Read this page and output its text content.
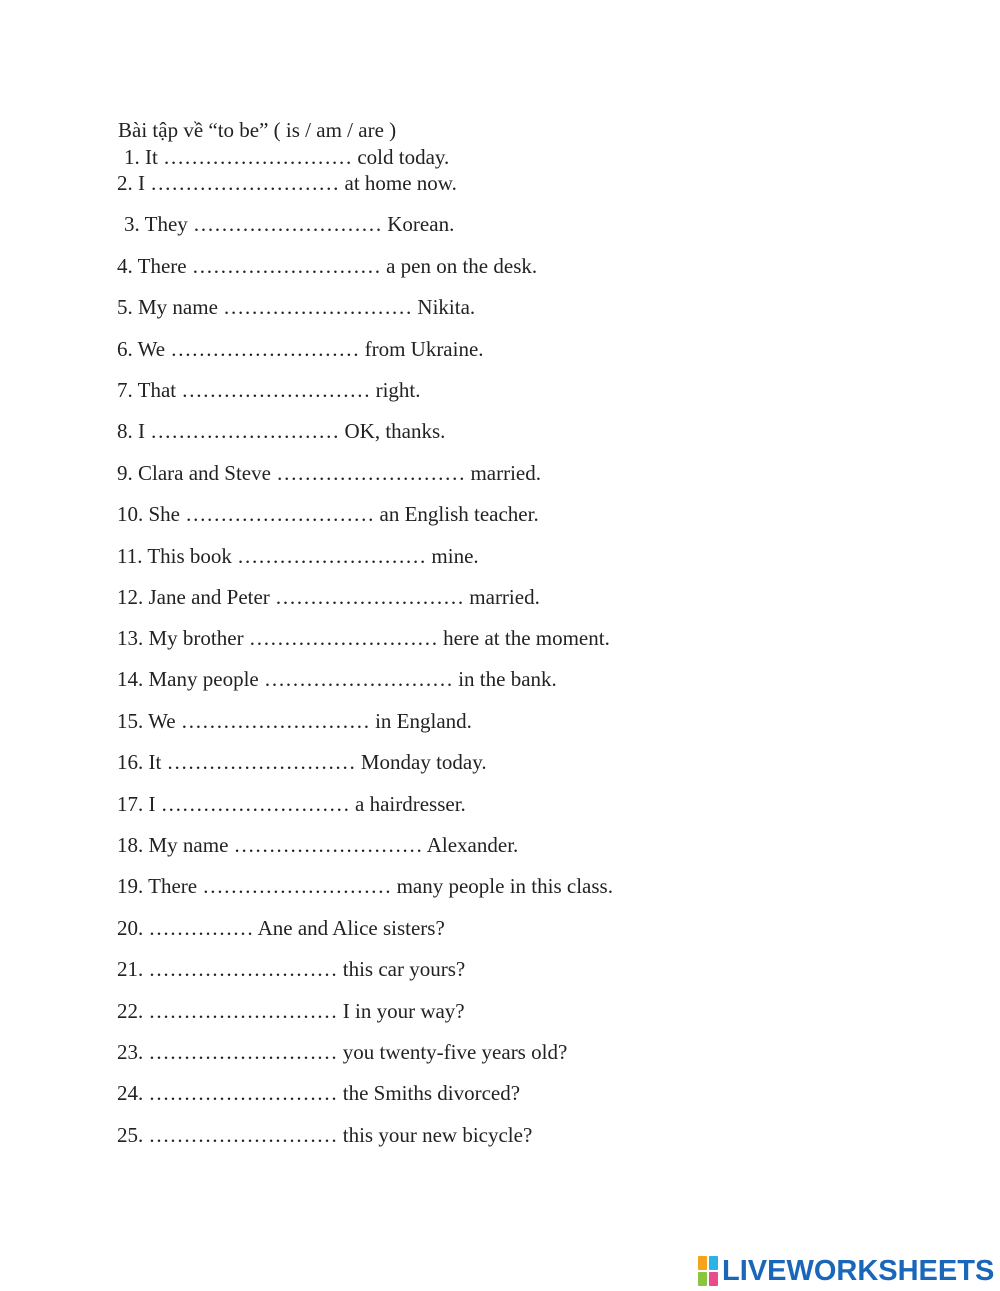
Bài tập về “to be” ( is / am / are )
1. It ……………………… cold today.
2. I ……………………… at home now.
3. They ……………………… Korean.
4. There ……………………… a pen on the desk.
5. My name ……………………… Nikita.
6. We ……………………… from Ukraine.
7. That ……………………… right.
8. I ……………………… OK, thanks.
9. Clara and Steve ……………………… married.
10. She ……………………… an English teacher.
11. This book ……………………… mine.
12. Jane and Peter ……………………… married.
13. My brother ……………………… here at the moment.
14. Many people ……………………… in the bank.
15. We ……………………… in England.
16. It ……………………… Monday today.
17. I ……………………… a hairdresser.
18. My name ……………………… Alexander.
19. There ……………………… many people in this class.
20. …………… Ane and Alice sisters?
21. ……………………… this car yours?
22. ……………………… I in your way?
23. ……………………… you twenty-five years old?
24. ……………………… the Smiths divorced?
25. ……………………… this your new bicycle?
LIVEWORKSHEETS
